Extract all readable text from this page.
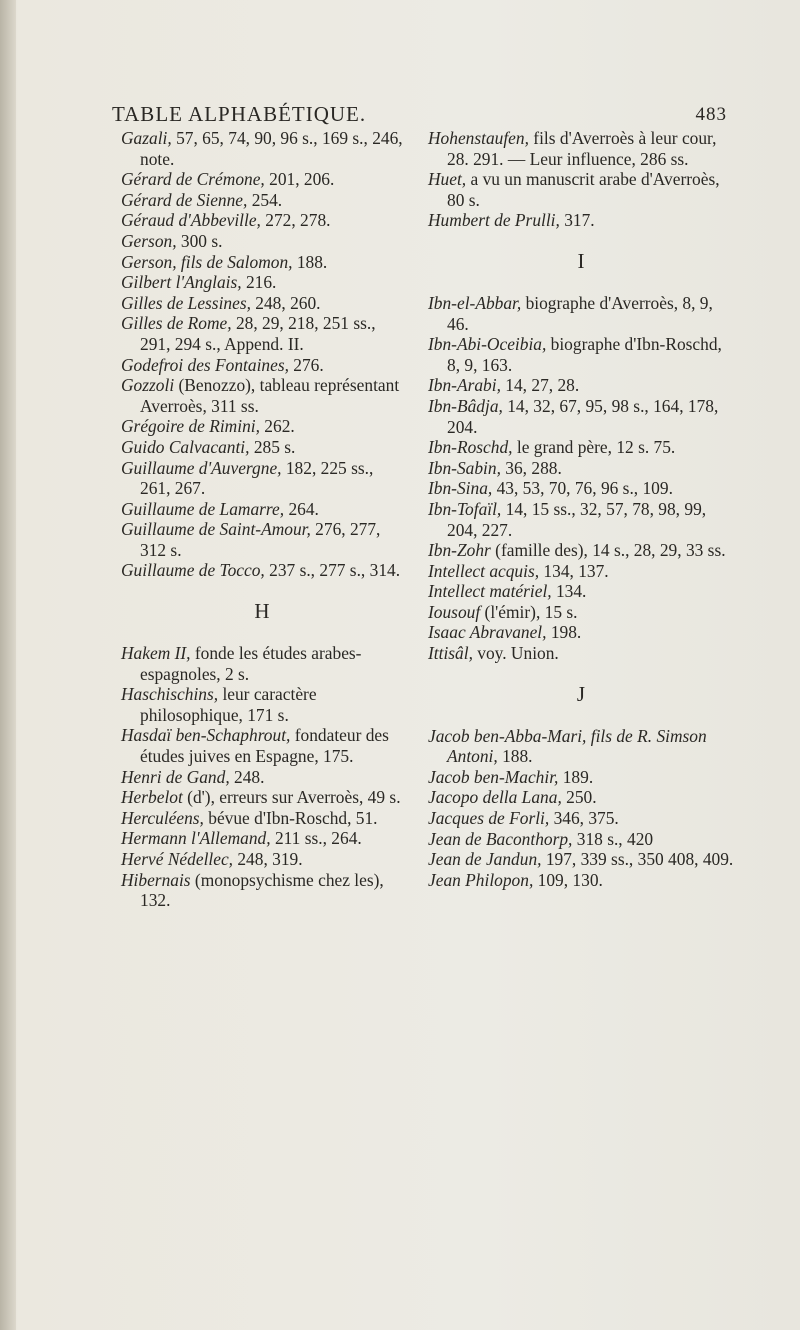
TABLE ALPHABÉTIQUE.	483
Gazali, 57, 65, 74, 90, 96 s., 169 s., 246, note.
Gérard de Crémone, 201, 206.
Gérard de Sienne, 254.
Géraud d'Abbeville, 272, 278.
Gerson, 300 s.
Gerson, fils de Salomon, 188.
Gilbert l'Anglais, 216.
Gilles de Lessines, 248, 260.
Gilles de Rome, 28, 29, 218, 251 ss., 291, 294 s., Append. II.
Godefroi des Fontaines, 276.
Gozzoli (Benozzo), tableau représentant Averroès, 311 ss.
Grégoire de Rimini, 262.
Guido Calvacanti, 285 s.
Guillaume d'Auvergne, 182, 225 ss., 261, 267.
Guillaume de Lamarre, 264.
Guillaume de Saint-Amour, 276, 277, 312 s.
Guillaume de Tocco, 237 s., 277 s., 314.
H
Hakem II, fonde les études arabes-espagnoles, 2 s.
Haschischins, leur caractère philosophique, 171 s.
Hasdaï ben-Schaphrout, fondateur des études juives en Espagne, 175.
Henri de Gand, 248.
Herbelot (d'), erreurs sur Averroès, 49 s.
Herculéens, bévue d'Ibn-Roschd, 51.
Hermann l'Allemand, 211 ss., 264.
Hervé Nédellec, 248, 319.
Hibernais (monopsychisme chez les), 132.
Hohenstaufen, fils d'Averroès à leur cour, 28. 291. — Leur influence, 286 ss.
Huet, a vu un manuscrit arabe d'Averroès, 80 s.
Humbert de Prulli, 317.
I
Ibn-el-Abbar, biographe d'Averroès, 8, 9, 46.
Ibn-Abi-Oceibia, biographe d'Ibn-Roschd, 8, 9, 163.
Ibn-Arabi, 14, 27, 28.
Ibn-Bâdja, 14, 32, 67, 95, 98 s., 164, 178, 204.
Ibn-Roschd, le grand père, 12 s. 75.
Ibn-Sabin, 36, 288.
Ibn-Sina, 43, 53, 70, 76, 96 s., 109.
Ibn-Tofaïl, 14, 15 ss., 32, 57, 78, 98, 99, 204, 227.
Ibn-Zohr (famille des), 14 s., 28, 29, 33 ss.
Intellect acquis, 134, 137.
Intellect matériel, 134.
Iousouf (l'émir), 15 s.
Isaac Abravanel, 198.
Ittisâl, voy. Union.
J
Jacob ben-Abba-Mari, fils de R. Simson Antoni, 188.
Jacob ben-Machir, 189.
Jacopo della Lana, 250.
Jacques de Forli, 346, 375.
Jean de Baconthorp, 318 s., 420
Jean de Jandun, 197, 339 ss., 350 408, 409.
Jean Philopon, 109, 130.
